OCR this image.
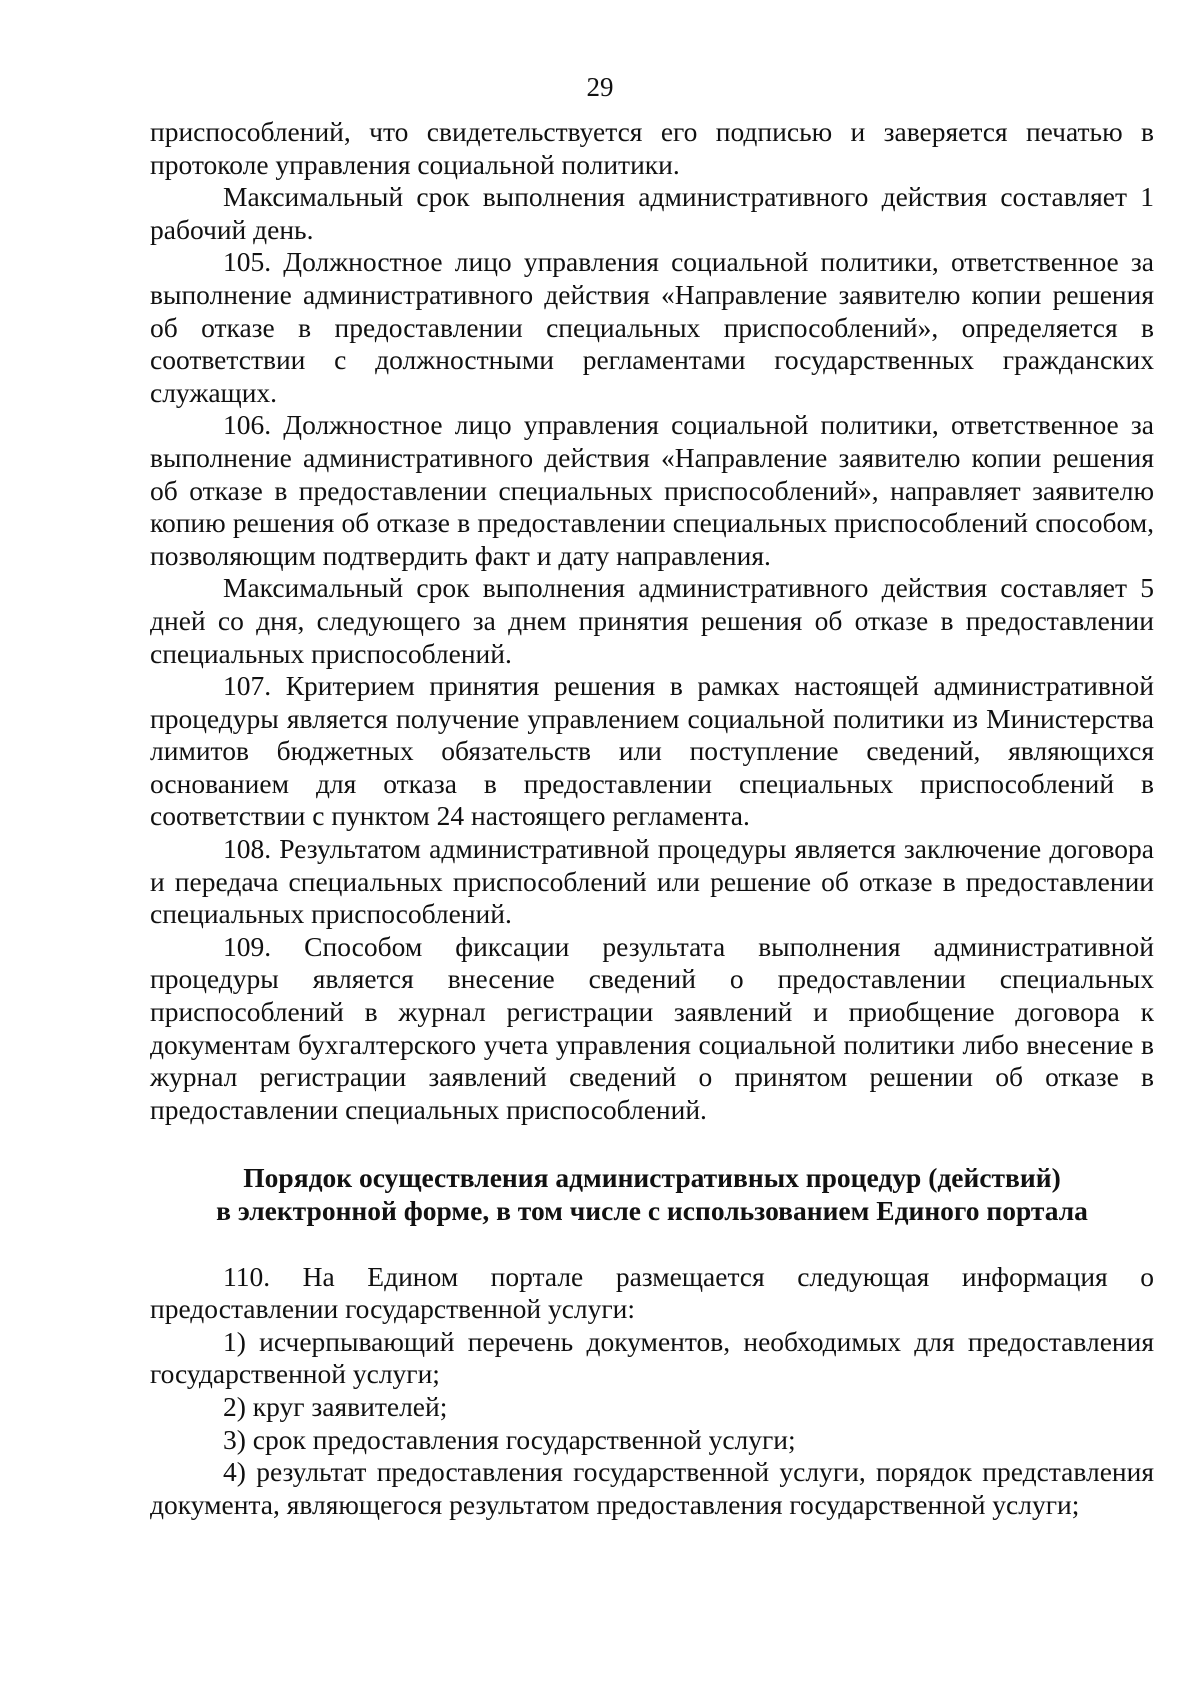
29

приспособлений, что свидетельствуется его подписью и заверяется печатью в протоколе управления социальной политики.

Максимальный срок выполнения административного действия составляет 1 рабочий день.

105. Должностное лицо управления социальной политики, ответственное за выполнение административного действия «Направление заявителю копии решения об отказе в предоставлении специальных приспособлений», определяется в соответствии с должностными регламентами государственных гражданских служащих.

106. Должностное лицо управления социальной политики, ответственное за выполнение административного действия «Направление заявителю копии решения об отказе в предоставлении специальных приспособлений», направляет заявителю копию решения об отказе в предоставлении специальных приспособлений способом, позволяющим подтвердить факт и дату направления.

Максимальный срок выполнения административного действия составляет 5 дней со дня, следующего за днем принятия решения об отказе в предоставлении специальных приспособлений.

107. Критерием принятия решения в рамках настоящей административной процедуры является получение управлением социальной политики из Министерства лимитов бюджетных обязательств или поступление сведений, являющихся основанием для отказа в предоставлении специальных приспособлений в соответствии с пунктом 24 настоящего регламента.

108. Результатом административной процедуры является заключение договора и передача специальных приспособлений или решение об отказе в предоставлении специальных приспособлений.

109. Способом фиксации результата выполнения административной процедуры является внесение сведений о предоставлении специальных приспособлений в журнал регистрации заявлений и приобщение договора к документам бухгалтерского учета управления социальной политики либо внесение в журнал регистрации заявлений сведений о принятом решении об отказе в предоставлении специальных приспособлений.

Порядок осуществления административных процедур (действий)
в электронной форме, в том числе с использованием Единого портала

110. На Едином портале размещается следующая информация о предоставлении государственной услуги:

1) исчерпывающий перечень документов, необходимых для предоставления государственной услуги;

2) круг заявителей;

3) срок предоставления государственной услуги;

4) результат предоставления государственной услуги, порядок представления документа, являющегося результатом предоставления государственной услуги;
